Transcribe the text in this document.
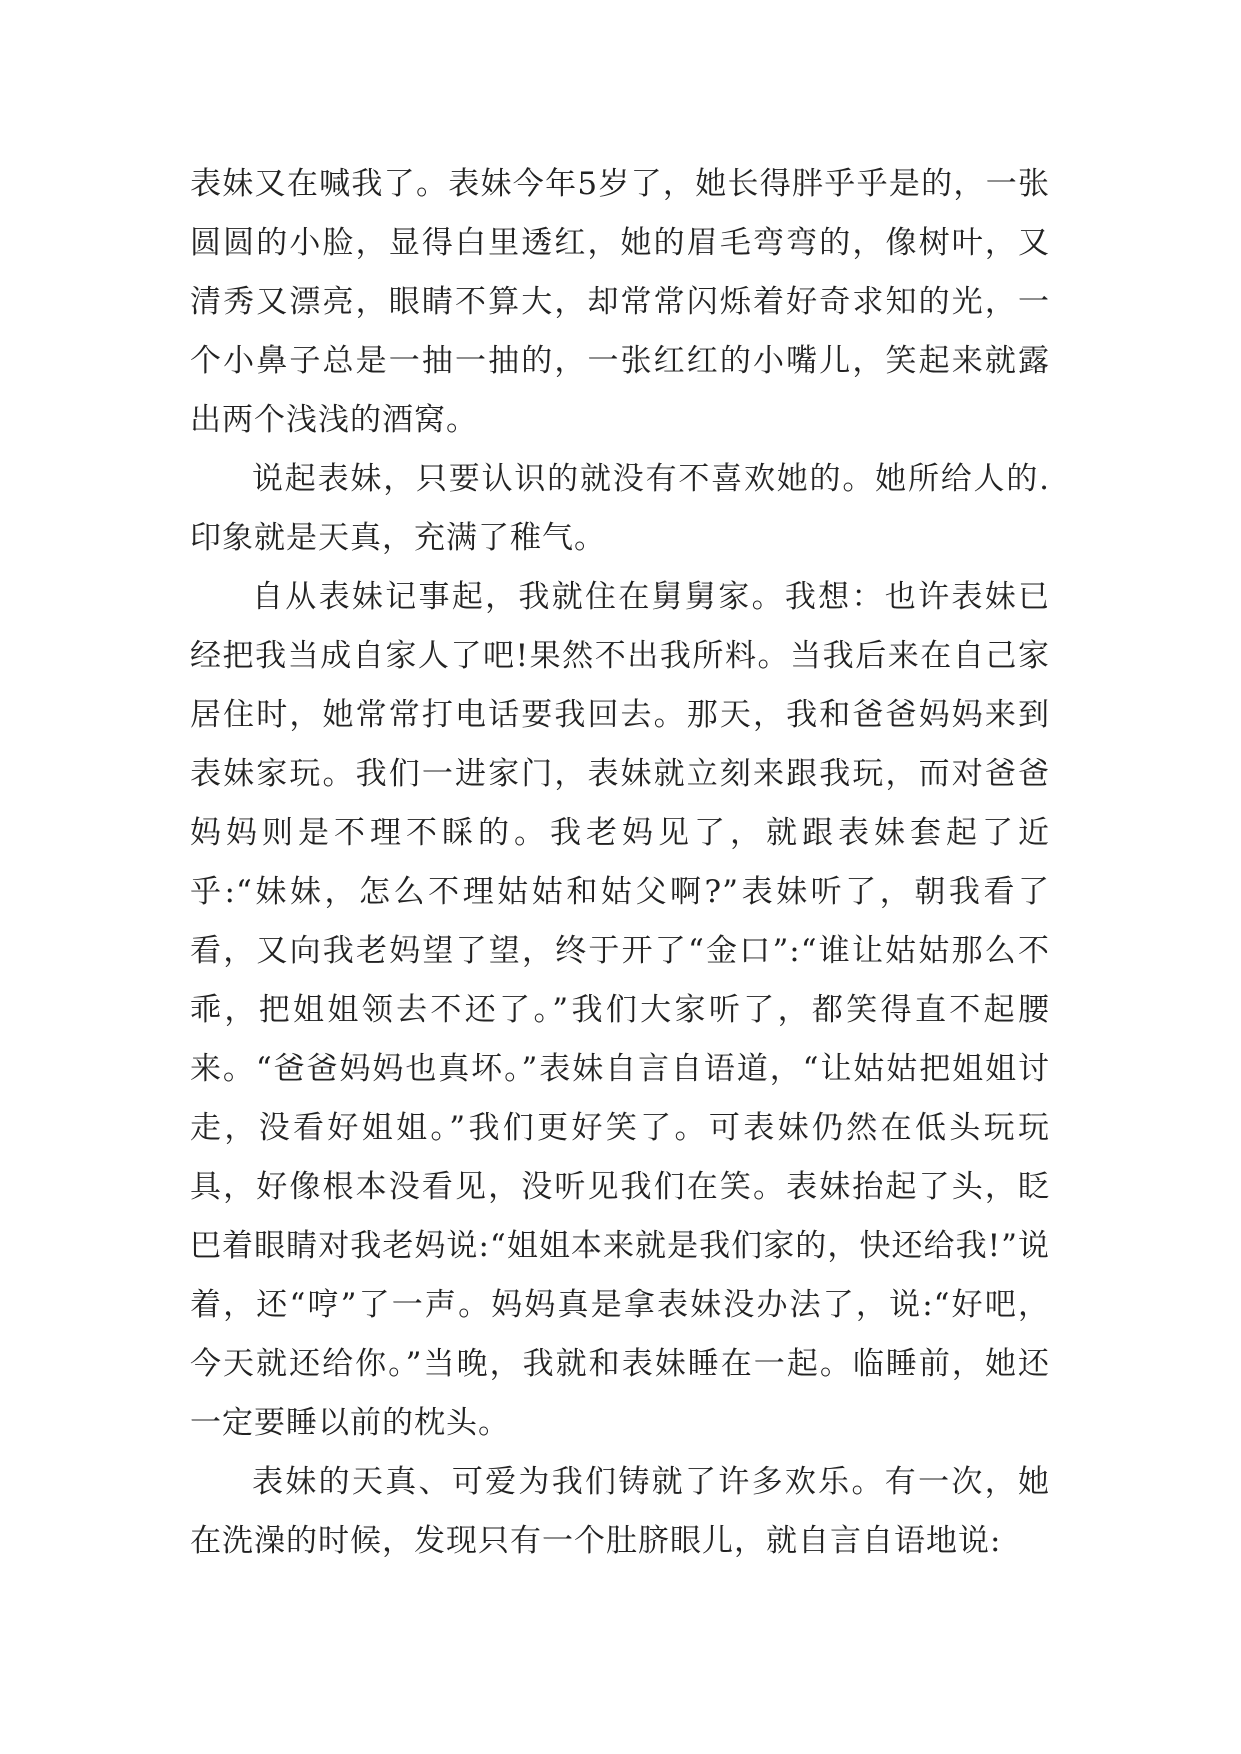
表妹又在喊我了。表妹今年5岁了，她长得胖乎乎是的，一张圆圆的小脸，显得白里透红，她的眉毛弯弯的，像树叶，又清秀又漂亮，眼睛不算大，却常常闪烁着好奇求知的光，一个小鼻子总是一抽一抽的，一张红红的小嘴儿，笑起来就露出两个浅浅的酒窝。

说起表妹，只要认识的就没有不喜欢她的。她所给人的.印象就是天真，充满了稚气。

自从表妹记事起，我就住在舅舅家。我想：也许表妹已经把我当成自家人了吧!果然不出我所料。当我后来在自己家居住时，她常常打电话要我回去。那天，我和爸爸妈妈来到表妹家玩。我们一进家门，表妹就立刻来跟我玩，而对爸爸妈妈则是不理不睬的。我老妈见了，就跟表妹套起了近乎:“妹妹，怎么不理姑姑和姑父啊?”表妹听了，朝我看了看，又向我老妈望了望，终于开了“金口”:“谁让姑姑那么不乖，把姐姐领去不还了。”我们大家听了，都笑得直不起腰来。“爸爸妈妈也真坏。”表妹自言自语道，“让姑姑把姐姐讨走，没看好姐姐。”我们更好笑了。可表妹仍然在低头玩玩具，好像根本没看见，没听见我们在笑。表妹抬起了头，眨巴着眼睛对我老妈说:“姐姐本来就是我们家的，快还给我!”说着，还“哼”了一声。妈妈真是拿表妹没办法了，说:“好吧，今天就还给你。”当晚，我就和表妹睡在一起。临睡前，她还一定要睡以前的枕头。

表妹的天真、可爱为我们铸就了许多欢乐。有一次，她在洗澡的时候，发现只有一个肚脐眼儿，就自言自语地说:
